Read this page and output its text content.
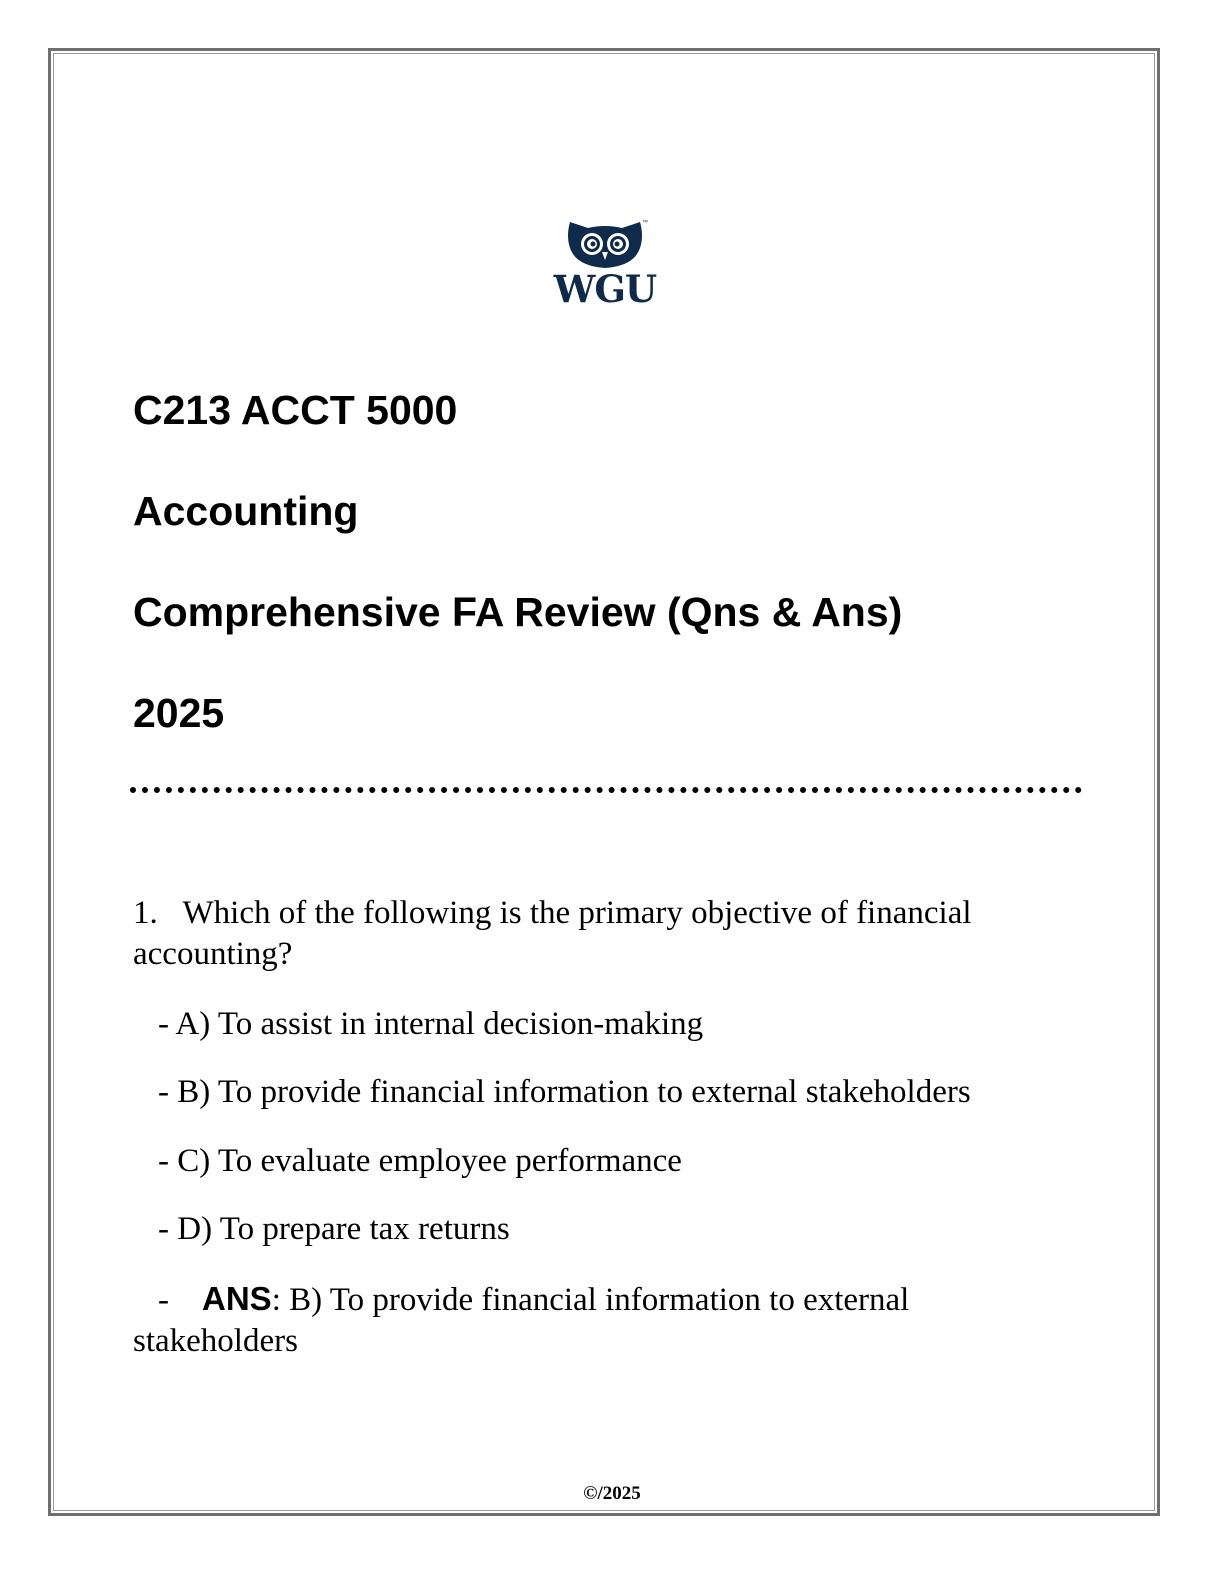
™
WGU
C213 ACCT 5000
Accounting
Comprehensive FA Review (Qns & Ans)
2025
1. Which of the following is the primary objective of financial accounting?
- A) To assist in internal decision-making
- B) To provide financial information to external stakeholders
- C) To evaluate employee performance
- D) To prepare tax returns
- ANS: B) To provide financial information to external stakeholders
©/2025
